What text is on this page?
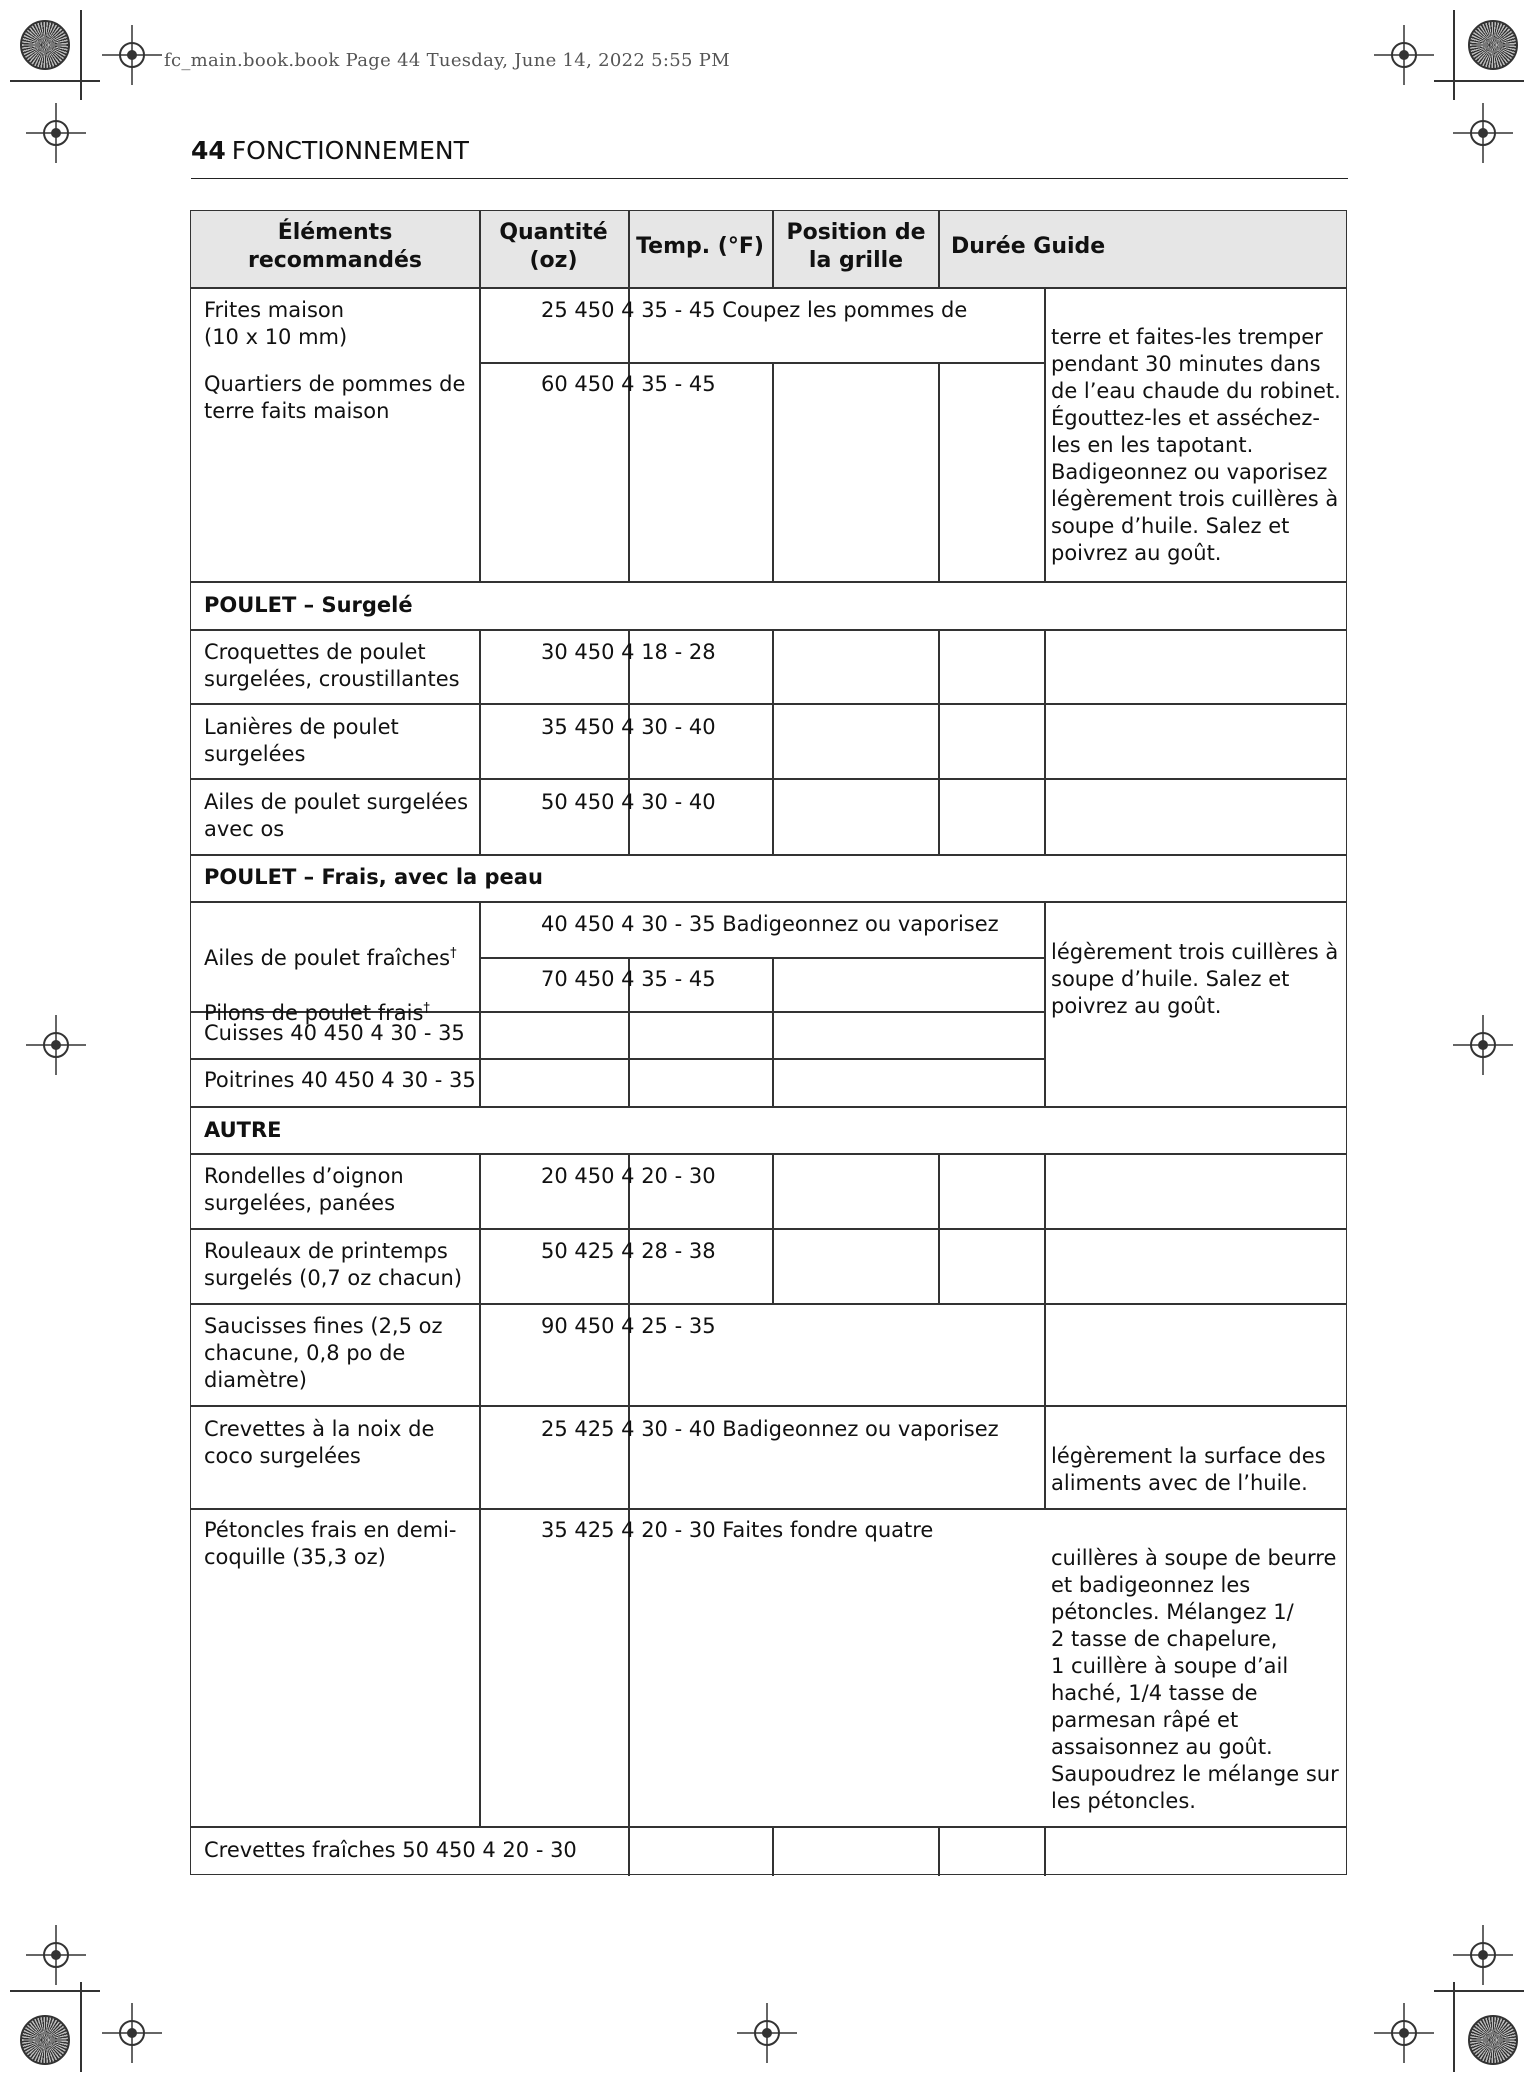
fc_main.book.book Page 44 Tuesday, June 14, 2022 5:55 PM
44 FONCTIONNEMENT
Éléments
recommandés
Quantité
(oz)
Temp. (°F)
Position de
la grille
Durée Guide
Frites maison
(10 x 10 mm)
25 450 4 35 - 45 Coupez les pommes de
Quartiers de pommes de
terre faits maison
60 450 4 35 - 45
terre et faites-les tremper
pendant 30 minutes dans
de l’eau chaude du robinet.
Égouttez-les et asséchez-
les en les tapotant.
Badigeonnez ou vaporisez
légèrement trois cuillères à
soupe d’huile. Salez et
poivrez au goût.
POULET – Surgelé
Croquettes de poulet
surgelées, croustillantes
30 450 4 18 - 28
Lanières de poulet
surgelées
35 450 4 30 - 40
Ailes de poulet surgelées
avec os
50 450 4 30 - 40
POULET – Frais, avec la peau

Ailes de poulet fraîches†

40 450 4 30 - 35 Badigeonnez ou vaporisez

Pilons de poulet frais†

70 450 4 35 - 45
légèrement trois cuillères à
soupe d’huile. Salez et
poivrez au goût.
Cuisses 40 450 4 30 - 35
Poitrines 40 450 4 30 - 35
AUTRE
Rondelles d’oignon
surgelées, panées
20 450 4 20 - 30
Rouleaux de printemps
surgelés (0,7 oz chacun)
50 425 4 28 - 38
Saucisses fines (2,5 oz
chacune, 0,8 po de
diamètre)
90 450 4 25 - 35
Crevettes à la noix de
coco surgelées
25 425 4 30 - 40 Badigeonnez ou vaporisez
légèrement la surface des
aliments avec de l’huile.
Pétoncles frais en demi-
coquille (35,3 oz)
35 425 4 20 - 30 Faites fondre quatre
cuillères à soupe de beurre
et badigeonnez les
pétoncles. Mélangez 1/
2 tasse de chapelure,
1 cuillère à soupe d’ail
haché, 1/4 tasse de
parmesan râpé et
assaisonnez au goût.
Saupoudrez le mélange sur
les pétoncles.
Crevettes fraîches 50 450 4 20 - 30
